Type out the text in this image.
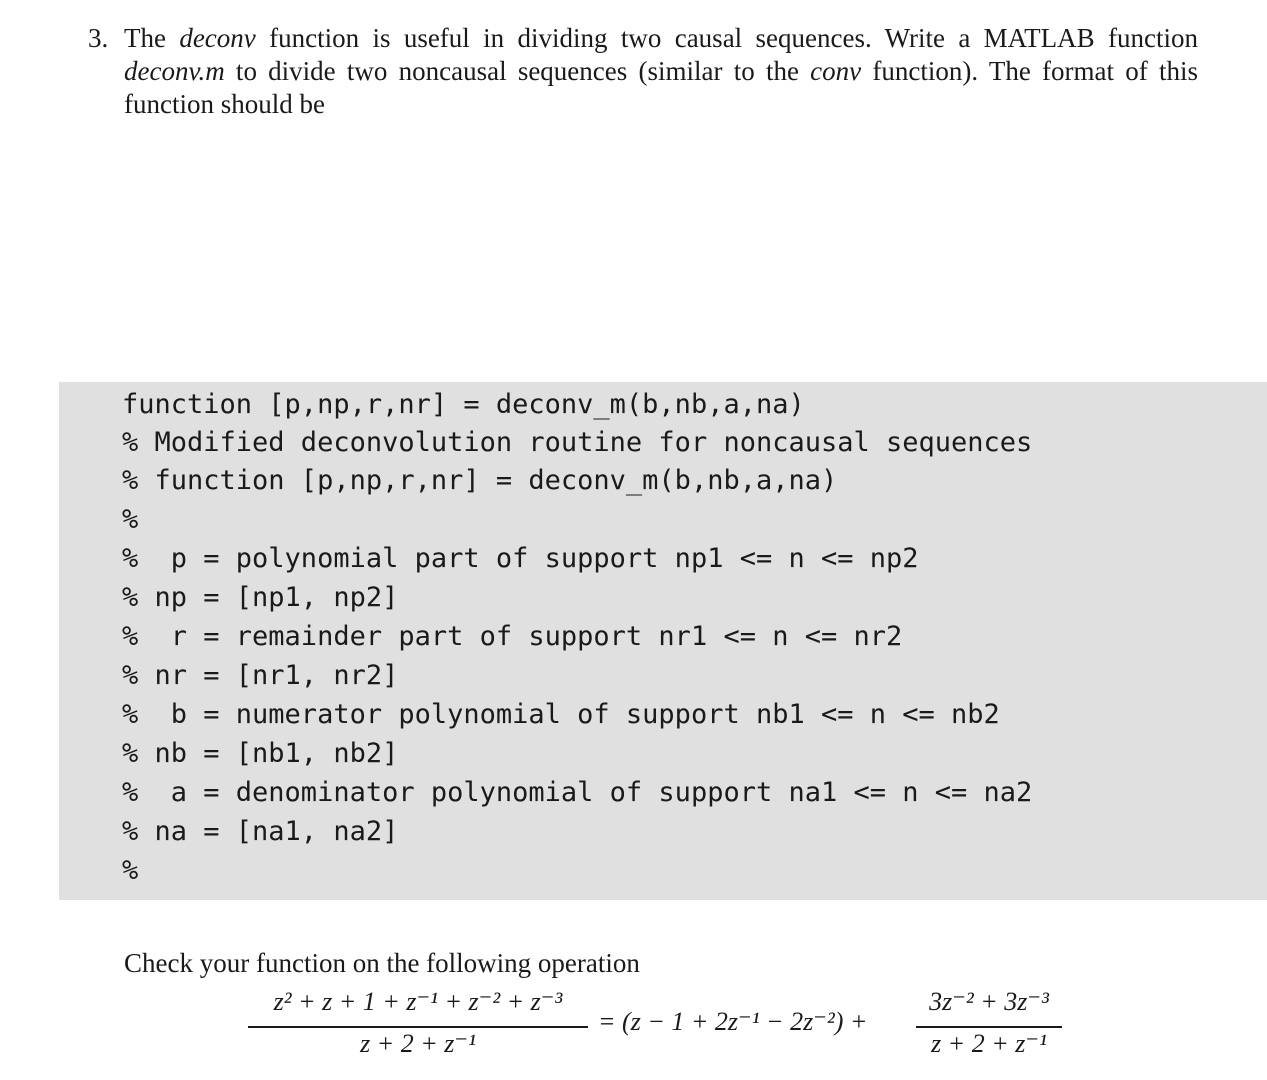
3. The deconv function is useful in dividing two causal sequences. Write a MATLAB function deconv.m to divide two noncausal sequences (similar to the conv function). The format of this function should be
function [p,np,r,nr] = deconv_m(b,nb,a,na)
% Modified deconvolution routine for noncausal sequences
% function [p,np,r,nr] = deconv_m(b,nb,a,na)
%
%  p = polynomial part of support np1 <= n <= np2
% np = [np1, np2]
%  r = remainder part of support nr1 <= n <= nr2
% nr = [nr1, nr2]
%  b = numerator polynomial of support nb1 <= n <= nb2
% nb = [nb1, nb2]
%  a = denominator polynomial of support na1 <= n <= na2
% na = [na1, na2]
%
Check your function on the following operation
z² + z + 1 + z⁻¹ + z⁻² + z⁻³
z + 2 + z⁻¹
= (z − 1 + 2z⁻¹ − 2z⁻²) +
3z⁻² + 3z⁻³
z + 2 + z⁻¹
